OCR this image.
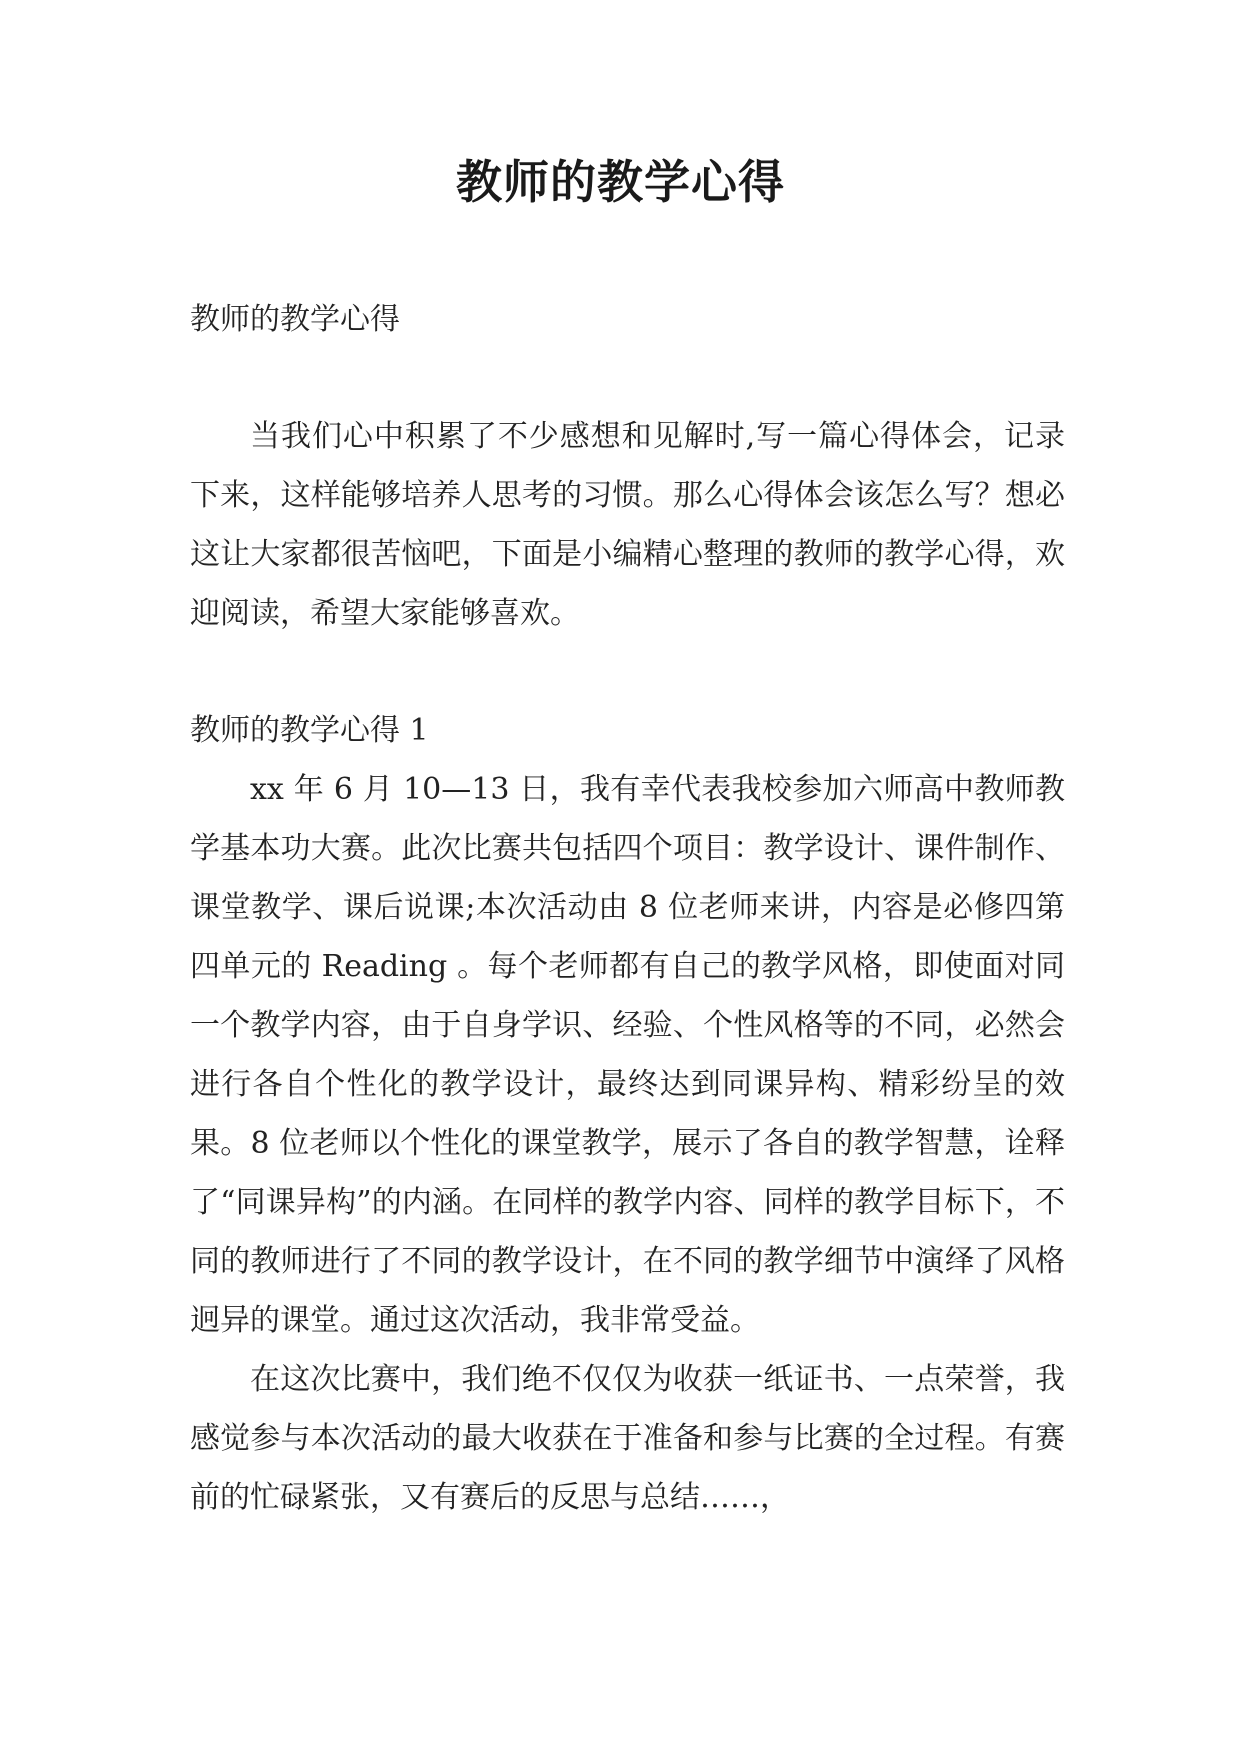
教师的教学心得

教师的教学心得

当我们心中积累了不少感想和见解时,写一篇心得体会，记录下来，这样能够培养人思考的习惯。那么心得体会该怎么写？想必这让大家都很苦恼吧，下面是小编精心整理的教师的教学心得，欢迎阅读，希望大家能够喜欢。

教师的教学心得 1

xx 年 6 月 10—13 日，我有幸代表我校参加六师高中教师教学基本功大赛。此次比赛共包括四个项目：教学设计、课件制作、课堂教学、课后说课;本次活动由 8 位老师来讲，内容是必修四第四单元的 Reading 。每个老师都有自己的教学风格，即使面对同一个教学内容，由于自身学识、经验、个性风格等的不同，必然会进行各自个性化的教学设计，最终达到同课异构、精彩纷呈的效果。8 位老师以个性化的课堂教学，展示了各自的教学智慧，诠释了“同课异构”的内涵。在同样的教学内容、同样的教学目标下，不同的教师进行了不同的教学设计，在不同的教学细节中演绎了风格迥异的课堂。通过这次活动，我非常受益。

在这次比赛中，我们绝不仅仅为收获一纸证书、一点荣誉，我感觉参与本次活动的最大收获在于准备和参与比赛的全过程。有赛前的忙碌紧张，又有赛后的反思与总结……，
